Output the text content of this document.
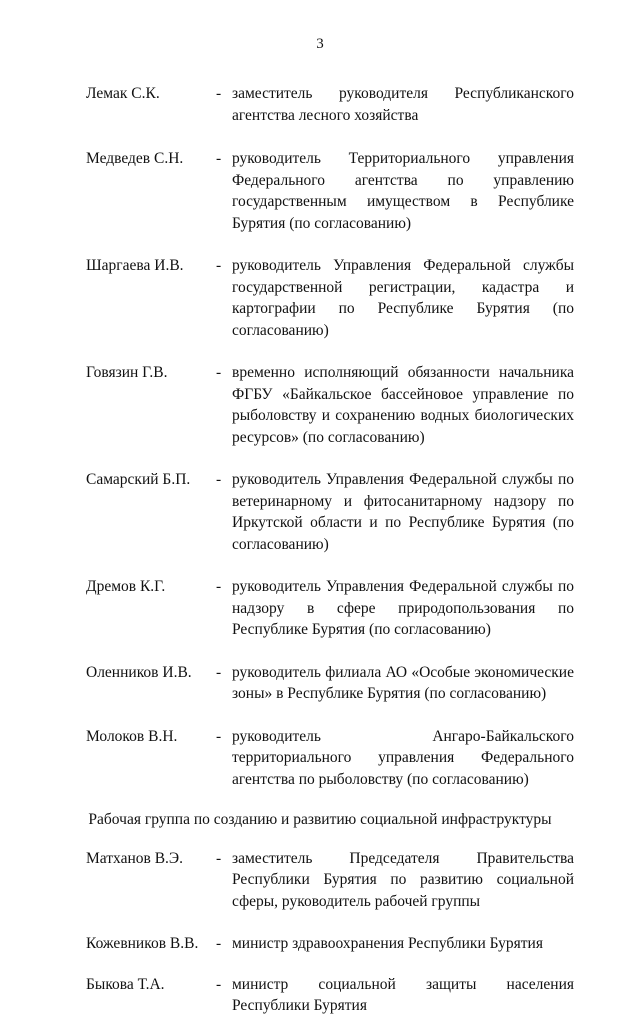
3
Лемак С.К.	- заместитель руководителя Республиканского агентства лесного хозяйства
Медведев С.Н. - руководитель Территориального управления Федерального агентства по управлению государственным имуществом в Республике Бурятия (по согласованию)
Шаргаева И.В. - руководитель Управления Федеральной службы государственной регистрации, кадастра и картографии по Республике Бурятия (по согласованию)
Говязин Г.В.	- временно исполняющий обязанности начальника ФГБУ «Байкальское бассейновое управление по рыболовству и сохранению водных биологических ресурсов» (по согласованию)
Самарский Б.П. - руководитель Управления Федеральной службы по ветеринарному и фитосанитарному надзору по Иркутской области и по Республике Бурятия (по согласованию)
Дремов К.Г.	- руководитель Управления Федеральной службы по надзору в сфере природопользования по Республике Бурятия (по согласованию)
Оленников И.В. - руководитель филиала АО «Особые экономические зоны» в Республике Бурятия (по согласованию)
Молоков В.Н. - руководитель Ангаро-Байкальского территориального управления Федерального агентства по рыболовству (по согласованию)
Рабочая группа по созданию и развитию социальной инфраструктуры
Матханов В.Э. - заместитель Председателя Правительства Республики Бурятия по развитию социальной сферы, руководитель рабочей группы
Кожевников В.В. - министр здравоохранения Республики Бурятия
Быкова Т.А.	- министр социальной защиты населения Республики Бурятия
